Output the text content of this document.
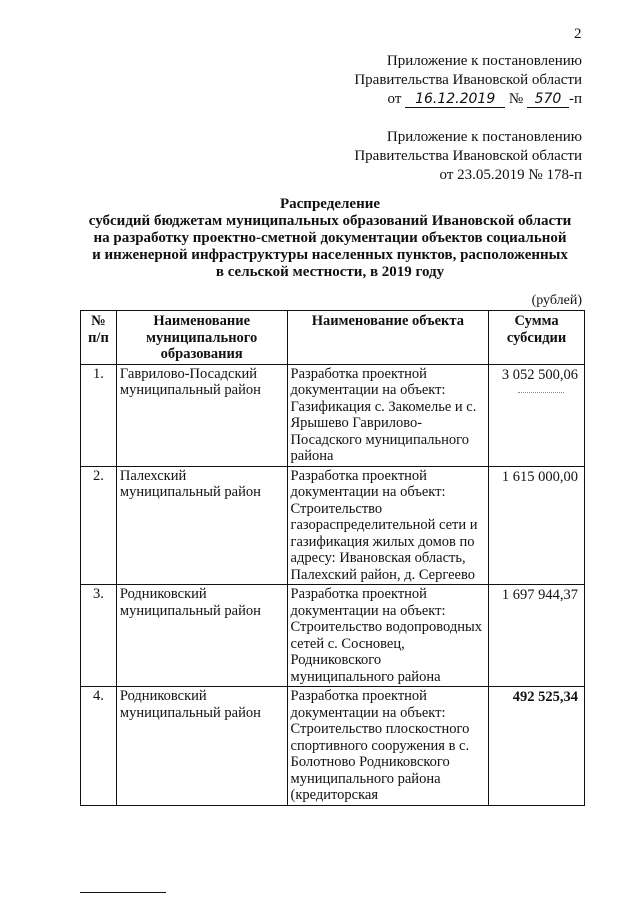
2
Приложение к постановлению
Правительства Ивановской области
от 16.12.2019 № 570 -п
Приложение к постановлению
Правительства Ивановской области
от 23.05.2019 № 178-п
Распределение
субсидий бюджетам муниципальных образований Ивановской области
на разработку проектно-сметной документации объектов социальной
и инженерной инфраструктуры населенных пунктов, расположенных
в сельской местности, в 2019 году
(рублей)
№ п/п	Наименование муниципального образования	Наименование объекта	Сумма субсидии
1.	Гаврилово-Посадский муниципальный район	Разработка проектной документации на объект: Газификация с. Закомелье и с. Ярышево Гаврилово-Посадского муниципального района	3 052 500,06

2.	Палехский муниципальный район	Разработка проектной документации на объект: Строительство газораспределительной сети и газификация жилых домов по адресу: Ивановская область, Палехский район, д. Сергеево	1 615 000,00
3.	Родниковский муниципальный район	Разработка проектной документации на объект: Строительство водопроводных сетей с. Сосновец, Родниковского муниципального района	1 697 944,37
4.	Родниковский муниципальный район	Разработка проектной документации на объект: Строительство плоскостного спортивного сооружения в с. Болотново Родниковского муниципального района (кредиторская	492 525,34
